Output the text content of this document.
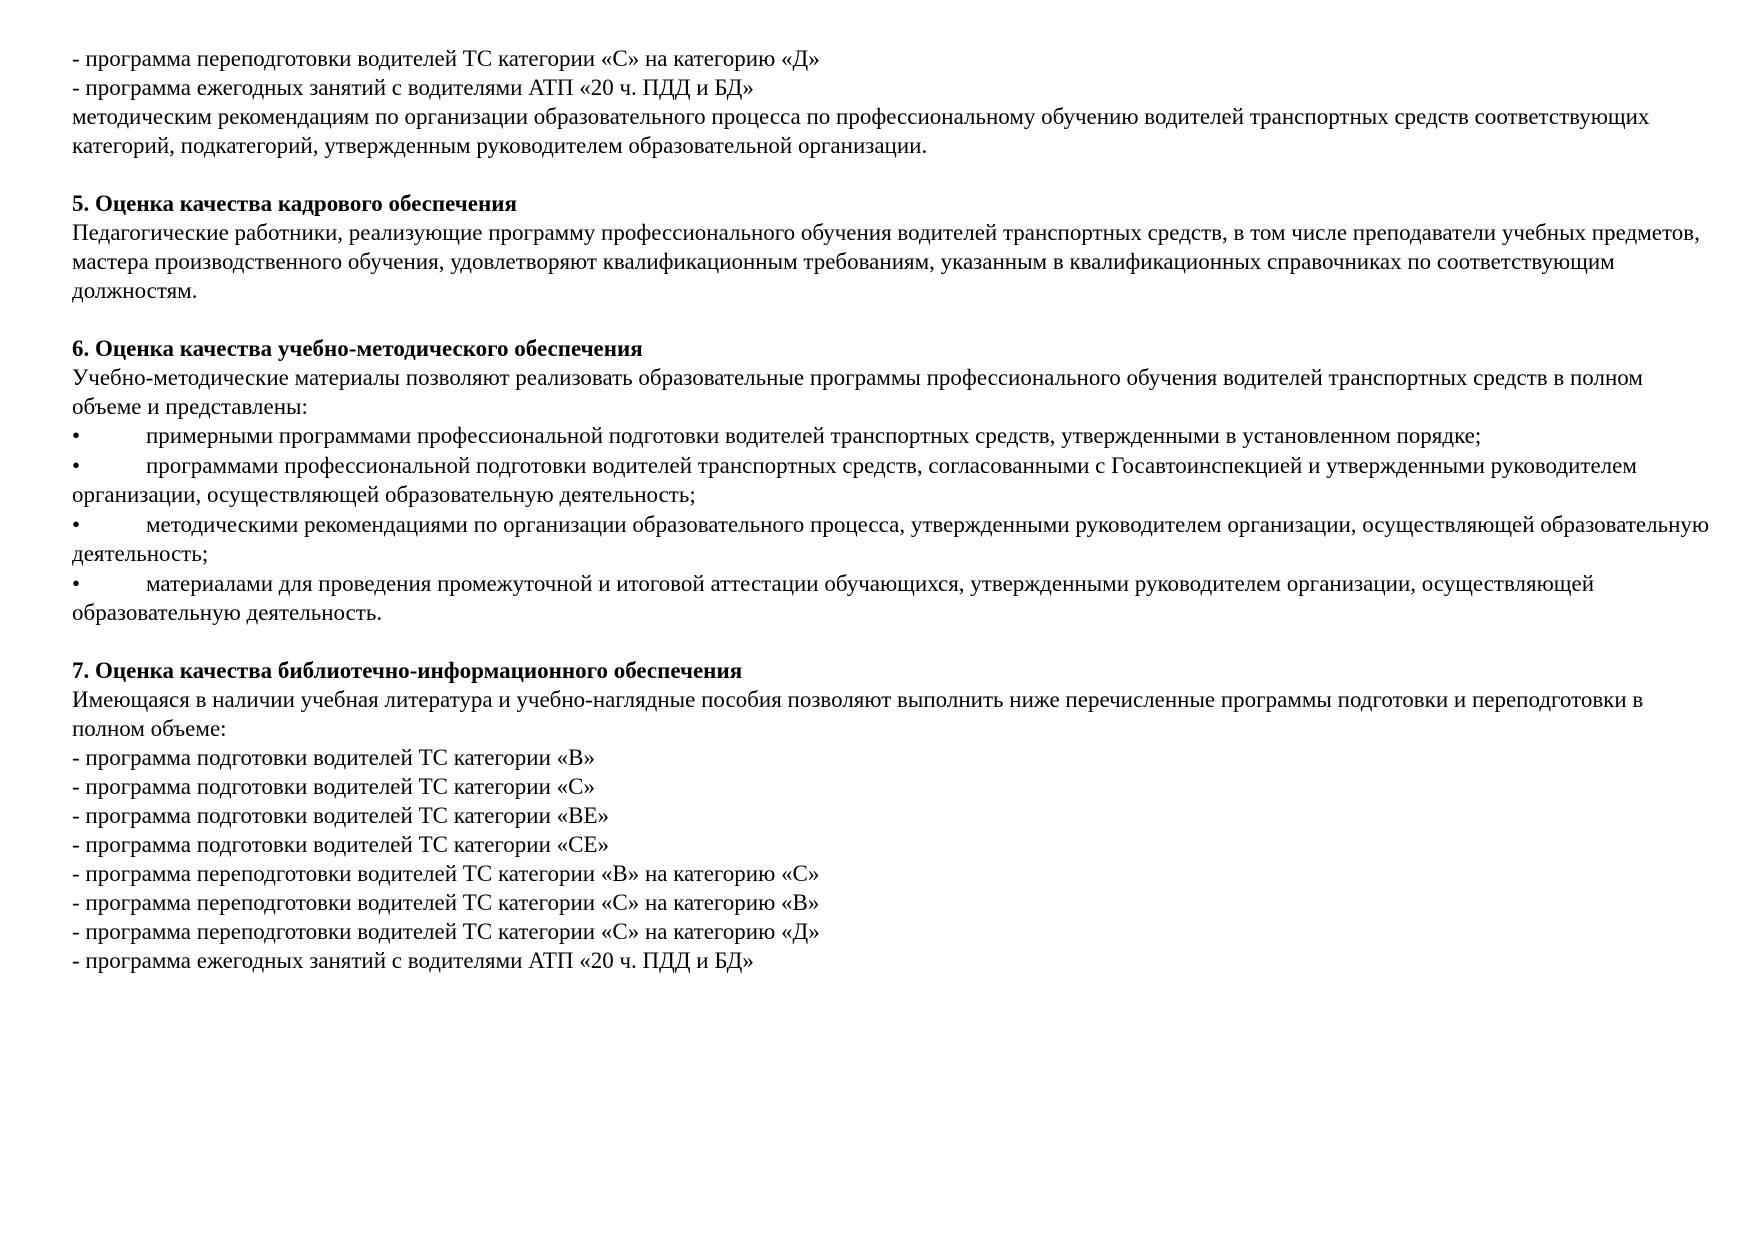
- программа переподготовки водителей ТС категории «С» на категорию «Д»

- программа ежегодных занятий с водителями АТП «20 ч. ПДД и БД»

методическим рекомендациям по организации образовательного процесса по профессиональному обучению водителей транспортных средств соответствующих категорий, подкатегорий, утвержденным руководителем образовательной организации.

5. Оценка качества кадрового обеспечения

Педагогические работники, реализующие программу профессионального обучения водителей транспортных средств, в том числе преподаватели учебных предметов, мастера производственного обучения, удовлетворяют квалификационным требованиям, указанным в квалификационных справочниках по соответствующим должностям.

6. Оценка качества учебно-методического обеспечения

Учебно-методические материалы позволяют реализовать образовательные программы профессионального обучения водителей транспортных средств в полном объеме и представлены:

•	примерными программами профессиональной подготовки водителей транспортных средств, утвержденными в установленном порядке;

•	программами профессиональной подготовки водителей транспортных средств, согласованными с Госавтоинспекцией и утвержденными руководителем организации, осуществляющей образовательную деятельность;

•	методическими рекомендациями по организации образовательного процесса, утвержденными руководителем организации, осуществляющей образовательную деятельность;

•	материалами для проведения промежуточной и итоговой аттестации обучающихся, утвержденными руководителем организации, осуществляющей образовательную деятельность.

7. Оценка качества библиотечно-информационного обеспечения

Имеющаяся в наличии учебная литература и учебно-наглядные пособия позволяют выполнить ниже перечисленные программы подготовки и переподготовки в полном объеме:

- программа подготовки водителей ТС категории «В»

- программа подготовки водителей ТС категории «С»

- программа подготовки водителей ТС категории «ВЕ»

- программа подготовки водителей ТС категории «СЕ»

- программа переподготовки водителей ТС категории «В» на категорию «С»

- программа переподготовки водителей ТС категории «С» на категорию «В»

- программа переподготовки водителей ТС категории «С» на категорию «Д»

- программа ежегодных занятий с водителями АТП «20 ч. ПДД и БД»
